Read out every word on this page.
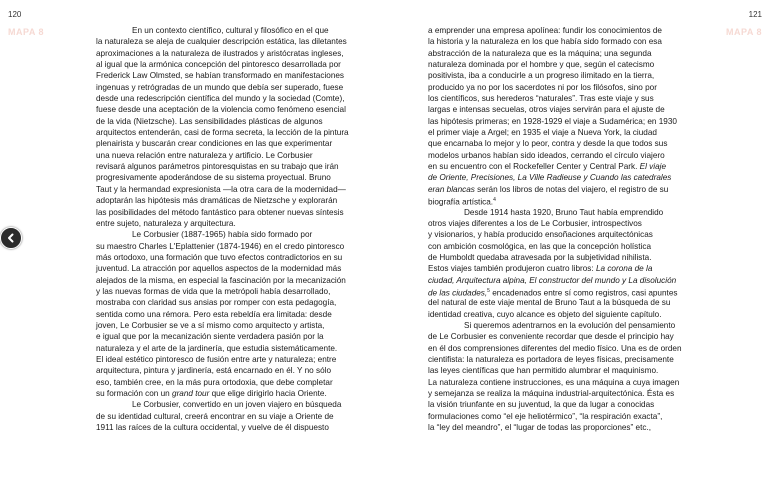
120
MAPA 8
121
MAPA 8
En un contexto científico, cultural y filosófico en el que
la naturaleza se aleja de cualquier descripción estática, las diletantes
aproximaciones a la naturaleza de ilustrados y aristócratas ingleses,
al igual que la armónica concepción del pintoresco desarrollada por
Frederick Law Olmsted, se habían transformado en manifestaciones
ingenuas y retrógradas de un mundo que debía ser superado, fuese
desde una redescripción científica del mundo y la sociedad (Comte),
fuese desde una aceptación de la violencia como fenómeno esencial
de la vida (Nietzsche). Las sensibilidades plásticas de algunos
arquitectos entenderán, casi de forma secreta, la lección de la pintura
plenairista y buscarán crear condiciones en las que experimentar
una nueva relación entre naturaleza y artificio. Le Corbusier
revisará algunos parámetros pintoresquistas en su trabajo que irán
progresivamente apoderándose de su sistema proyectual. Bruno
Taut y la hermandad expresionista —la otra cara de la modernidad—
adoptarán las hipótesis más dramáticas de Nietzsche y explorarán
las posibilidades del método fantástico para obtener nuevas síntesis
entre sujeto, naturaleza y arquitectura.
Le Corbusier (1887-1965) había sido formado por
su maestro Charles L'Eplattenier (1874-1946) en el credo pintoresco
más ortodoxo, una formación que tuvo efectos contradictorios en su
juventud. La atracción por aquellos aspectos de la modernidad más
alejados de la misma, en especial la fascinación por la mecanización
y las nuevas formas de vida que la metrópoli había desarrollado,
mostraba con claridad sus ansias por romper con esta pedagogía,
sentida como una rémora. Pero esta rebeldía era limitada: desde
joven, Le Corbusier se ve a sí mismo como arquitecto y artista,
e igual que por la mecanización siente verdadera pasión por la
naturaleza y el arte de la jardinería, que estudia sistemáticamente.
El ideal estético pintoresco de fusión entre arte y naturaleza; entre
arquitectura, pintura y jardinería, está encarnado en él. Y no sólo
eso, también cree, en la más pura ortodoxia, que debe completar
su formación con un grand tour que elige dirigirlo hacia Oriente.
Le Corbusier, convertido en un joven viajero en búsqueda
de su identidad cultural, creerá encontrar en su viaje a Oriente de
1911 las raíces de la cultura occidental, y vuelve de él dispuesto
a emprender una empresa apolínea: fundir los conocimientos de
la historia y la naturaleza en los que había sido formado con esa
abstracción de la naturaleza que es la máquina; una segunda
naturaleza dominada por el hombre y que, según el catecismo
positivista, iba a conducirle a un progreso ilimitado en la tierra,
producido ya no por los sacerdotes ni por los filósofos, sino por
los científicos, sus herederos “naturales”. Tras este viaje y sus
largas e intensas secuelas, otros viajes servirán para el ajuste de
las hipótesis primeras; en 1928-1929 el viaje a Sudamérica; en 1930
el primer viaje a Argel; en 1935 el viaje a Nueva York, la ciudad
que encarnaba lo mejor y lo peor, contra y desde la que todos sus
modelos urbanos habían sido ideados, cerrando el círculo viajero
en su encuentro con el Rockefeller Center y Central Park. El viaje
de Oriente, Precisiones, La Ville Radieuse y Cuando las catedrales
eran blancas serán los libros de notas del viajero, el registro de su
biografía artística.$^4$
Desde 1914 hasta 1920, Bruno Taut había emprendido
otros viajes diferentes a los de Le Corbusier, introspectivos
y visionarios, y había producido ensoñaciones arquitectónicas
con ambición cosmológica, en las que la concepción holística
de Humboldt quedaba atravesada por la subjetividad nihilista.
Estos viajes también produjeron cuatro libros: La corona de la
ciudad, Arquitectura alpina, El constructor del mundo y La disolución
de las ciudades,$^5$ encadenados entre sí como registros, casi apuntes
del natural de este viaje mental de Bruno Taut a la búsqueda de su
identidad creativa, cuyo alcance es objeto del siguiente capítulo.
Si queremos adentrarnos en la evolución del pensamiento
de Le Corbusier es conveniente recordar que desde el principio hay
en él dos comprensiones diferentes del medio físico. Una es de orden
cientifista: la naturaleza es portadora de leyes físicas, precisamente
las leyes científicas que han permitido alumbrar el maquinismo.
La naturaleza contiene instrucciones, es una máquina a cuya imagen
y semejanza se realiza la máquina industrial-arquitectónica. Ésta es
la visión triunfante en su juventud, la que da lugar a conocidas
formulaciones como “el eje heliotérmico”, “la respiración exacta”,
la “ley del meandro”, el “lugar de todas las proporciones” etc.,
